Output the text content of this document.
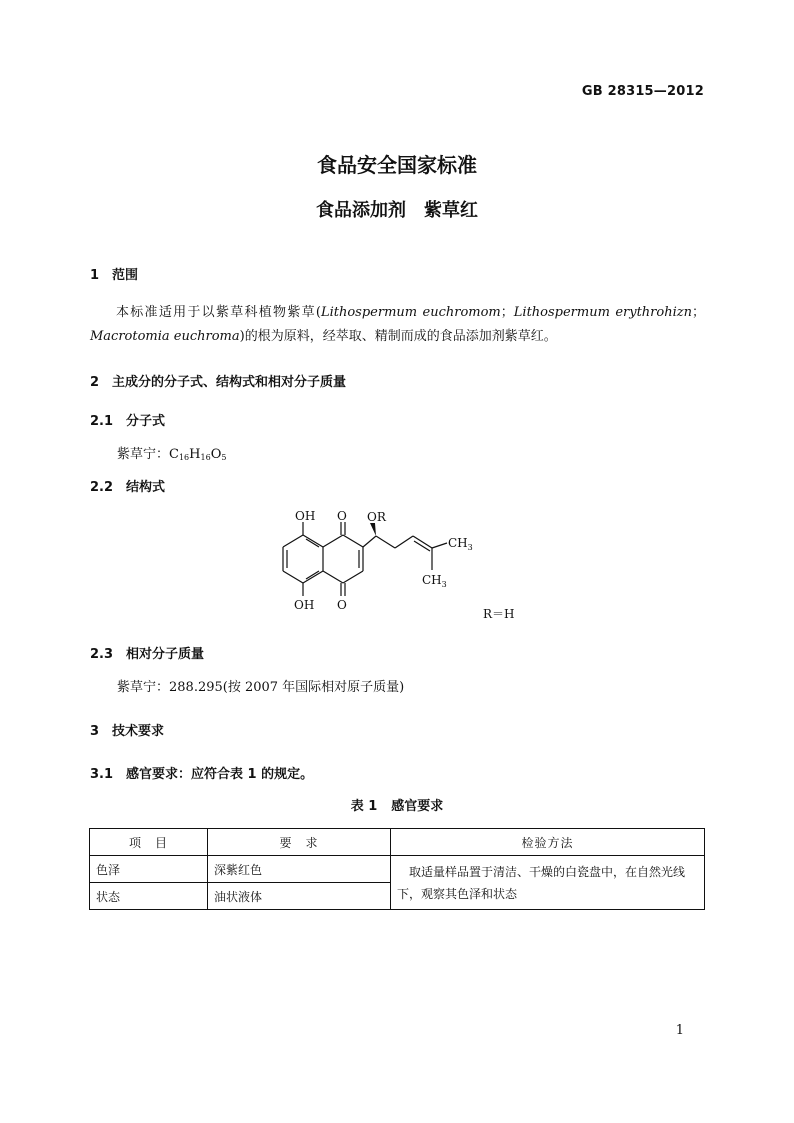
GB 28315—2012
食品安全国家标准
食品添加剂　紫草红
1 范围
本标准适用于以紫草科植物紫草(Lithospermum euchromom；Lithospermum erythrohizn；Macrotomia euchroma)的根为原料，经萃取、精制而成的食品添加剂紫草红。
2 主成分的分子式、结构式和相对分子质量
2.1 分子式
紫草宁：$C_{16}H_{16}O_5$
2.2 结构式
OH O OR
$CH_3$
$CH_3$
OH O
R＝H
2.3 相对分子质量
紫草宁：288.295(按 2007 年国际相对原子质量)
3 技术要求
3.1 感官要求：应符合表 1 的规定。
表 1 感官要求
项　目	要　求	检验方法
色泽	深紫红色	　取适量样品置于清洁、干燥的白瓷盘中，在自然光线下，观察其色泽和状态
状态	油状液体	
1
